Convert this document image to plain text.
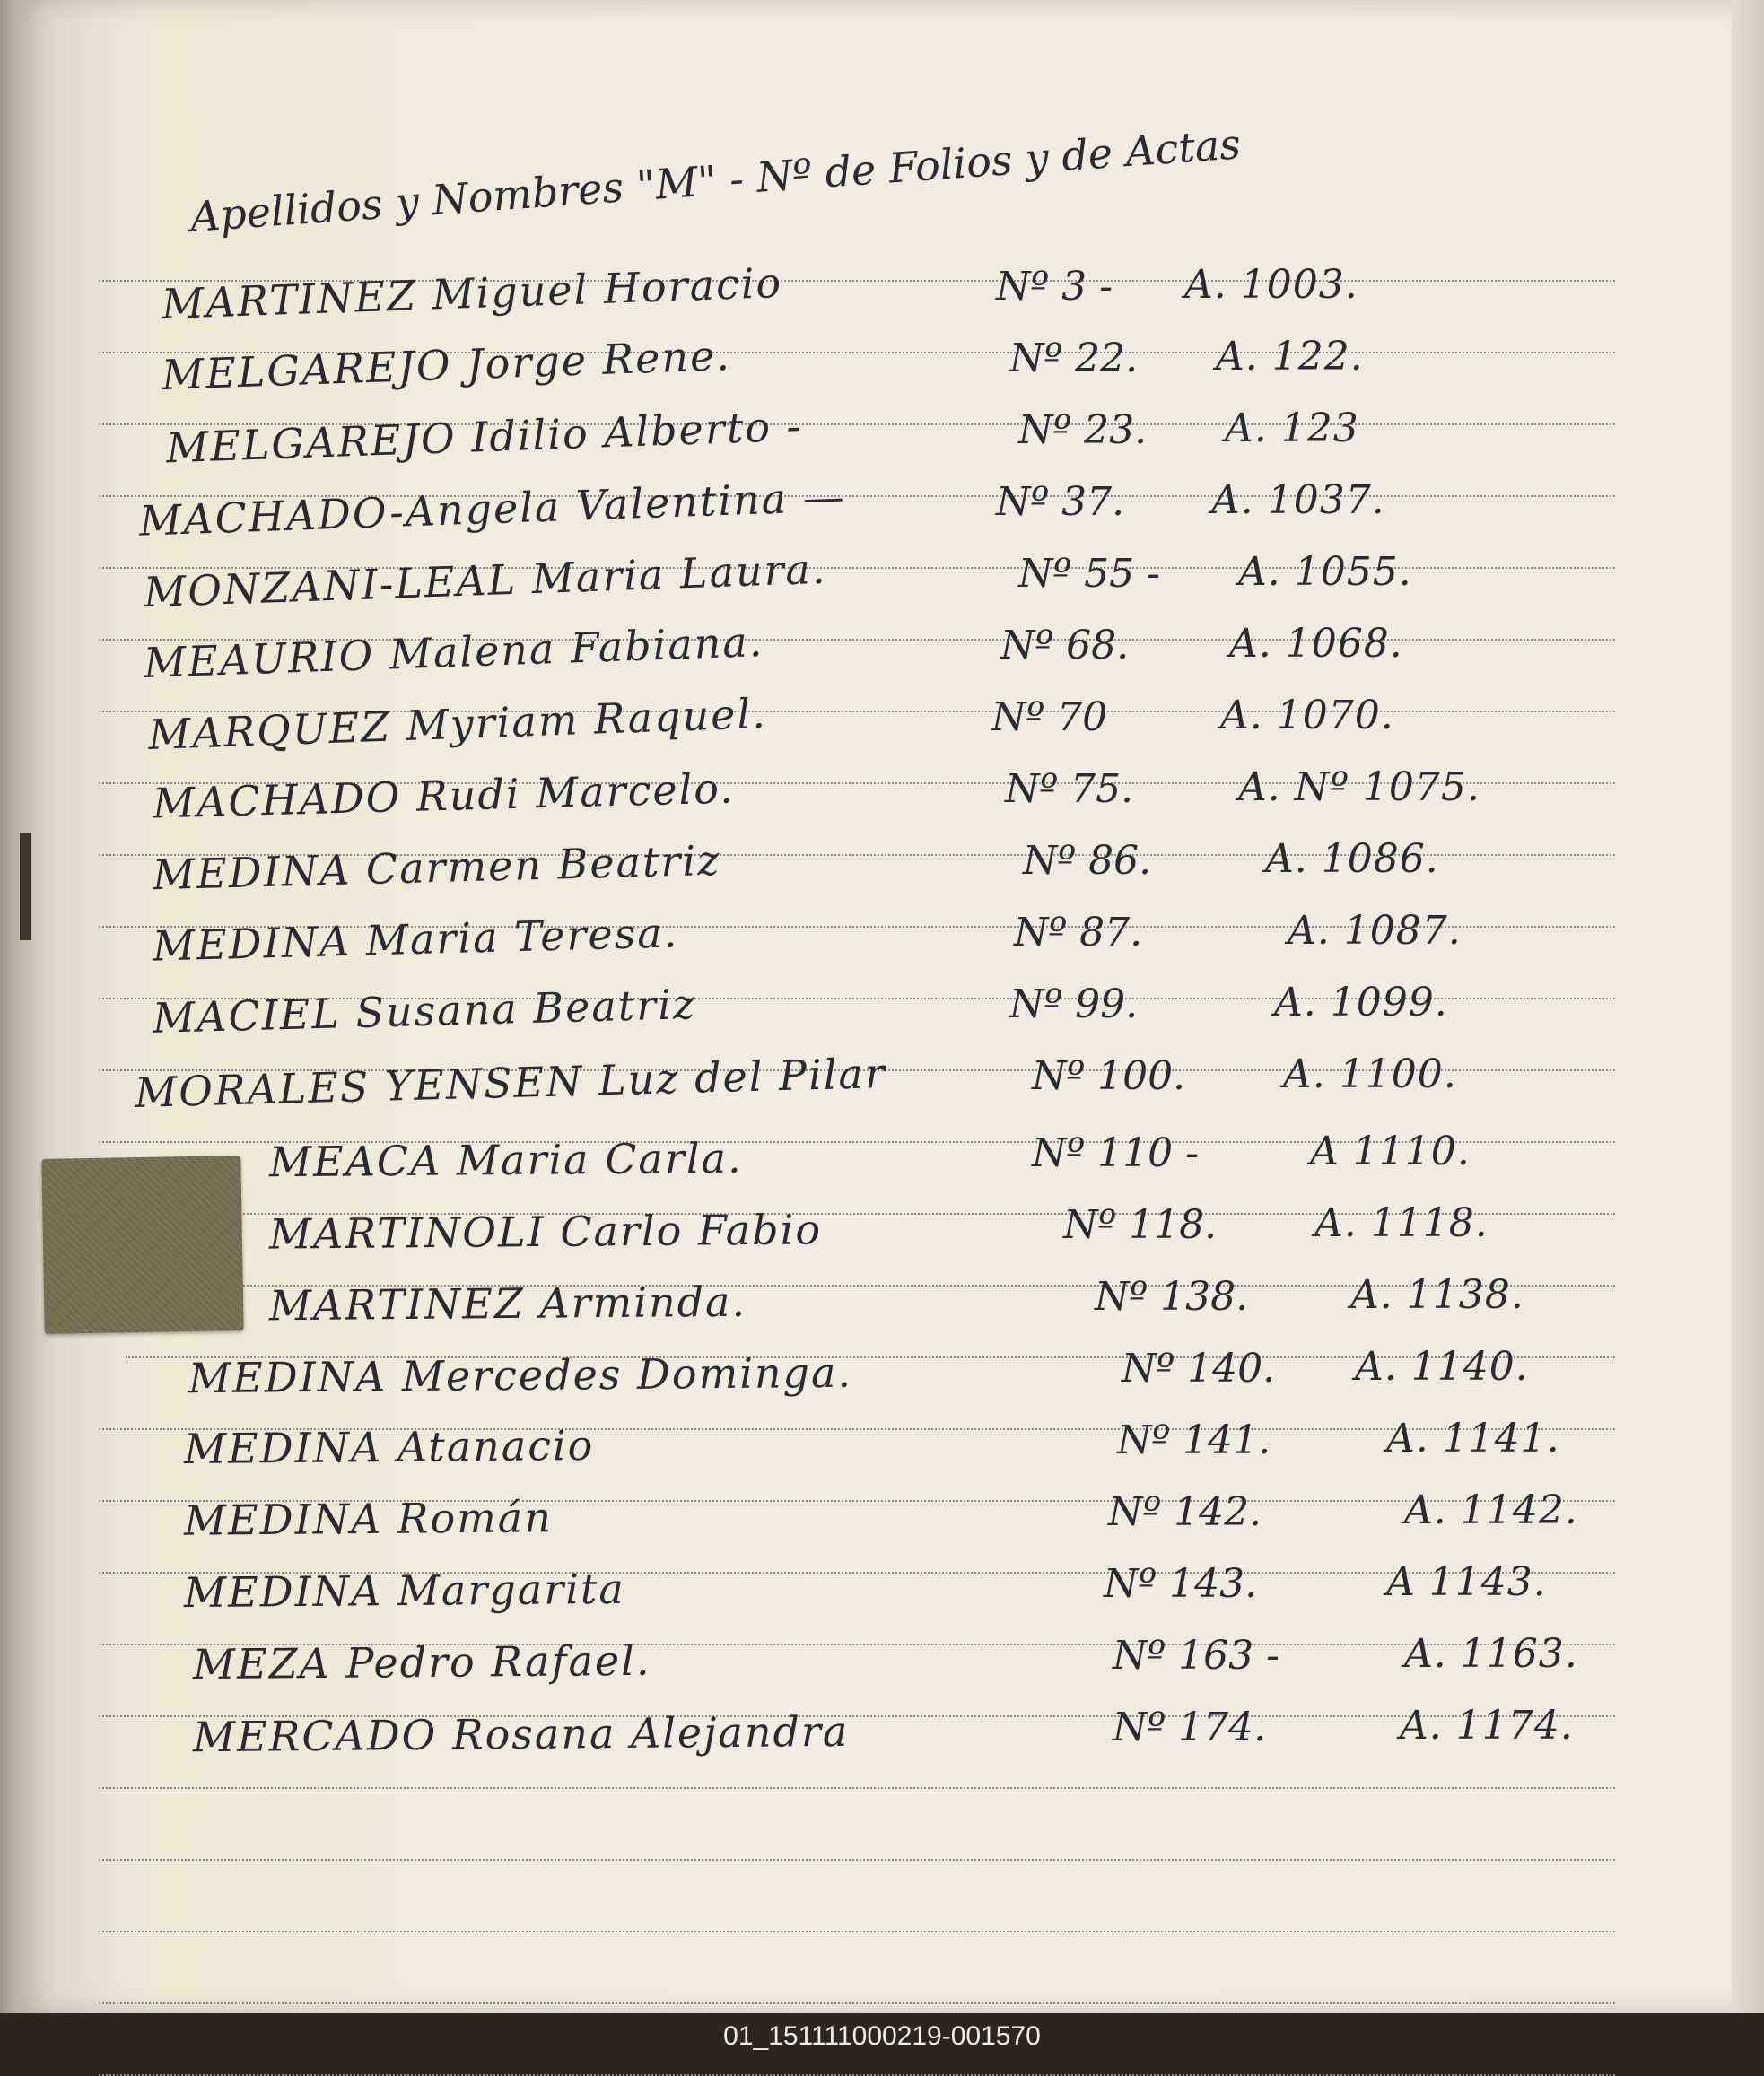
Apellidos y Nombres "M" - Nº de Folios y de Actas
MARTINEZ Miguel Horacio	Nº 3 - A. 1003.
MELGAREJO Jorge Rene.	Nº 22. A. 122.
MELGAREJO Idilio Alberto -	Nº 23. A. 123
MACHADO-Angela Valentina —	Nº 37. A. 1037.
MONZANI-LEAL Maria Laura.	Nº 55 - A. 1055.
MEAURIO Malena Fabiana.	Nº 68.	A. 1068.
MARQUEZ Myriam Raquel.	Nº 70	A. 1070.
MACHADO Rudi Marcelo.	Nº 75.	A. Nº 1075.
MEDINA Carmen Beatriz	Nº 86.	A. 1086.
MEDINA Maria Teresa.	Nº 87.	A. 1087.
MACIEL Susana Beatriz	Nº 99.	A. 1099.
MORALES YENSEN Luz del Pilar	Nº 100. A. 1100.
MEACA Maria Carla.	Nº 110 -	A 1110.
MARTINOLI Carlo Fabio	Nº 118. A. 1118.
MARTINEZ Arminda.	Nº 138.	A. 1138.
MEDINA Mercedes Dominga.	Nº 140. A. 1140.
MEDINA Atanacio	Nº 141.	A. 1141.
MEDINA Román	Nº 142.	A. 1142.
MEDINA Margarita	Nº 143.	A 1143.
MEZA Pedro Rafael.	Nº 163 -	A. 1163.
MERCADO Rosana Alejandra	Nº 174.	A. 1174.
01_151111000219-001570
